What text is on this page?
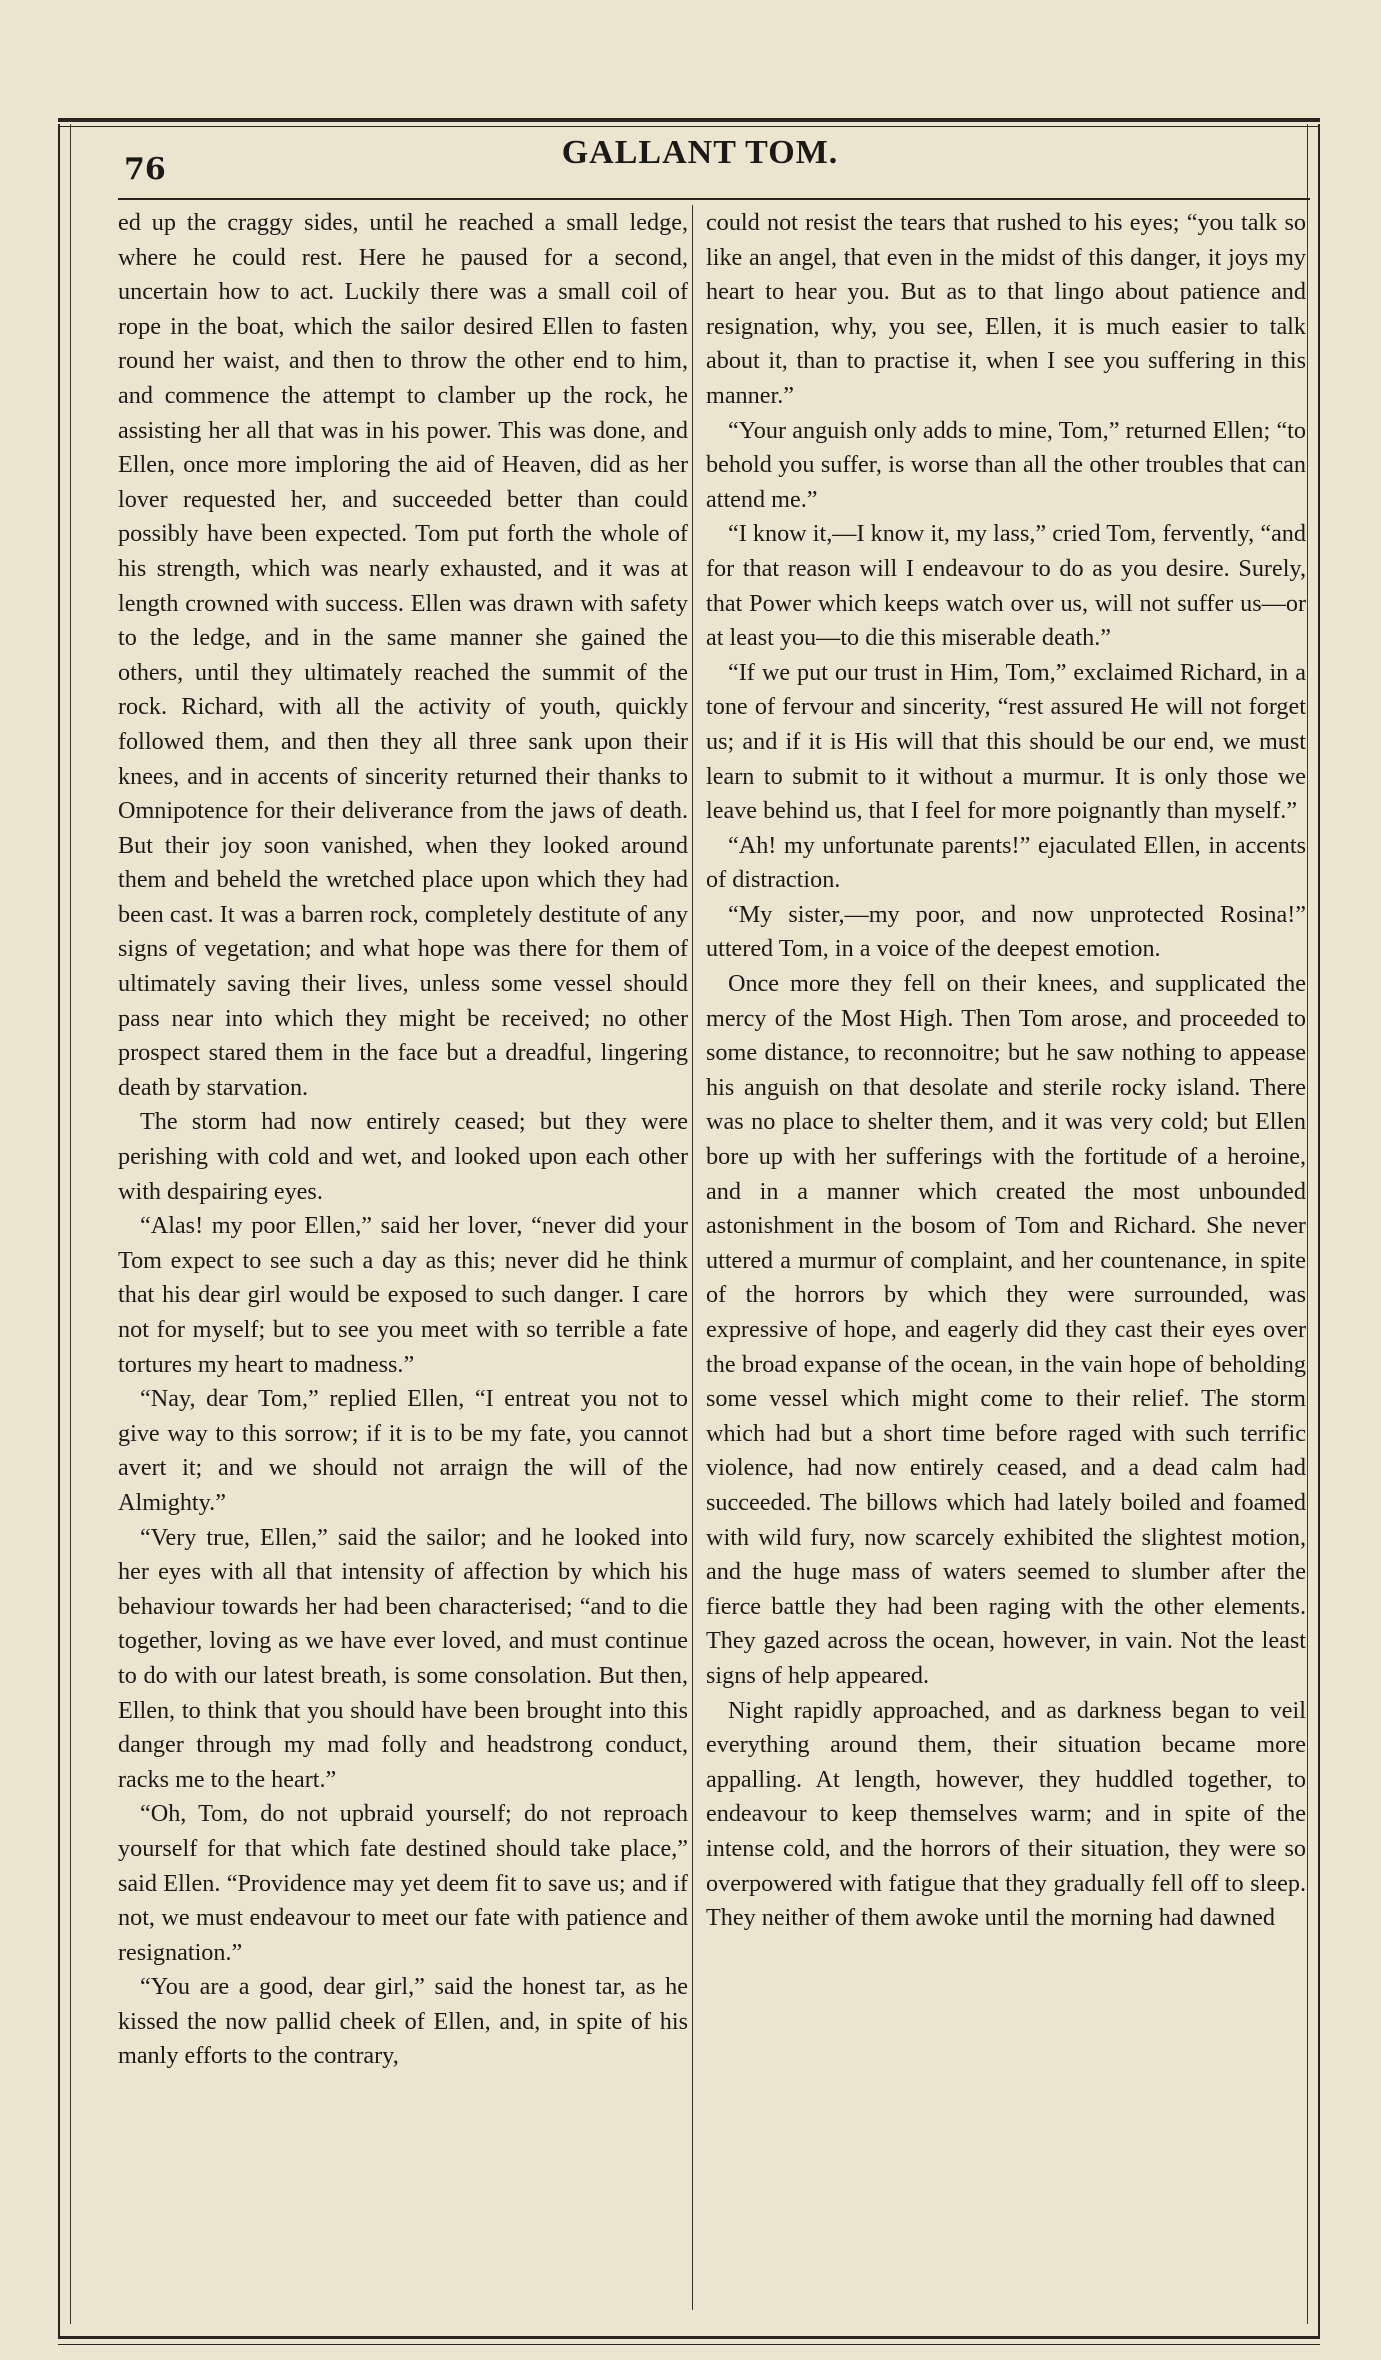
76	GALLANT TOM.

ed up the craggy sides, until he reached a small ledge, where he could rest. Here he paused for a second, uncertain how to act. Luckily there was a small coil of rope in the boat, which the sailor desired Ellen to fasten round her waist, and then to throw the other end to him, and commence the attempt to clamber up the rock, he assisting her all that was in his power. This was done, and Ellen, once more imploring the aid of Heaven, did as her lover requested her, and succeeded better than could possibly have been expected. Tom put forth the whole of his strength, which was nearly exhausted, and it was at length crowned with success. Ellen was drawn with safety to the ledge, and in the same manner she gained the others, until they ultimately reached the summit of the rock. Richard, with all the activity of youth, quickly followed them, and then they all three sank upon their knees, and in accents of sincerity returned their thanks to Omnipotence for their deliverance from the jaws of death. But their joy soon vanished, when they looked around them and beheld the wretched place upon which they had been cast. It was a barren rock, completely destitute of any signs of vegetation; and what hope was there for them of ultimately saving their lives, unless some vessel should pass near into which they might be received; no other prospect stared them in the face but a dreadful, lingering death by starvation.

The storm had now entirely ceased; but they were perishing with cold and wet, and looked upon each other with despairing eyes.

“Alas! my poor Ellen,” said her lover, “never did your Tom expect to see such a day as this; never did he think that his dear girl would be exposed to such danger. I care not for myself; but to see you meet with so terrible a fate tortures my heart to madness.”

“Nay, dear Tom,” replied Ellen, “I entreat you not to give way to this sorrow; if it is to be my fate, you cannot avert it; and we should not arraign the will of the Almighty.”

“Very true, Ellen,” said the sailor; and he looked into her eyes with all that intensity of affection by which his behaviour towards her had been characterised; “and to die together, loving as we have ever loved, and must continue to do with our latest breath, is some consolation. But then, Ellen, to think that you should have been brought into this danger through my mad folly and headstrong conduct, racks me to the heart.”

“Oh, Tom, do not upbraid yourself; do not reproach yourself for that which fate destined should take place,” said Ellen. “Providence may yet deem fit to save us; and if not, we must endeavour to meet our fate with patience and resignation.”

“You are a good, dear girl,” said the honest tar, as he kissed the now pallid cheek of Ellen, and, in spite of his manly efforts to the contrary,

could not resist the tears that rushed to his eyes; “you talk so like an angel, that even in the midst of this danger, it joys my heart to hear you. But as to that lingo about patience and resignation, why, you see, Ellen, it is much easier to talk about it, than to practise it, when I see you suffering in this manner.”

“Your anguish only adds to mine, Tom,” returned Ellen; “to behold you suffer, is worse than all the other troubles that can attend me.”

“I know it,—I know it, my lass,” cried Tom, fervently, “and for that reason will I endeavour to do as you desire. Surely, that Power which keeps watch over us, will not suffer us—or at least you—to die this miserable death.”

“If we put our trust in Him, Tom,” exclaimed Richard, in a tone of fervour and sincerity, “rest assured He will not forget us; and if it is His will that this should be our end, we must learn to submit to it without a murmur. It is only those we leave behind us, that I feel for more poignantly than myself.”

“Ah! my unfortunate parents!” ejaculated Ellen, in accents of distraction.

“My sister,—my poor, and now unprotected Rosina!” uttered Tom, in a voice of the deepest emotion.

Once more they fell on their knees, and supplicated the mercy of the Most High. Then Tom arose, and proceeded to some distance, to reconnoitre; but he saw nothing to appease his anguish on that desolate and sterile rocky island. There was no place to shelter them, and it was very cold; but Ellen bore up with her sufferings with the fortitude of a heroine, and in a manner which created the most unbounded astonishment in the bosom of Tom and Richard. She never uttered a murmur of complaint, and her countenance, in spite of the horrors by which they were surrounded, was expressive of hope, and eagerly did they cast their eyes over the broad expanse of the ocean, in the vain hope of beholding some vessel which might come to their relief. The storm which had but a short time before raged with such terrific violence, had now entirely ceased, and a dead calm had succeeded. The billows which had lately boiled and foamed with wild fury, now scarcely exhibited the slightest motion, and the huge mass of waters seemed to slumber after the fierce battle they had been raging with the other elements. They gazed across the ocean, however, in vain. Not the least signs of help appeared.

Night rapidly approached, and as darkness began to veil everything around them, their situation became more appalling. At length, however, they huddled together, to endeavour to keep themselves warm; and in spite of the intense cold, and the horrors of their situation, they were so overpowered with fatigue that they gradually fell off to sleep. They neither of them awoke until the morning had dawned
